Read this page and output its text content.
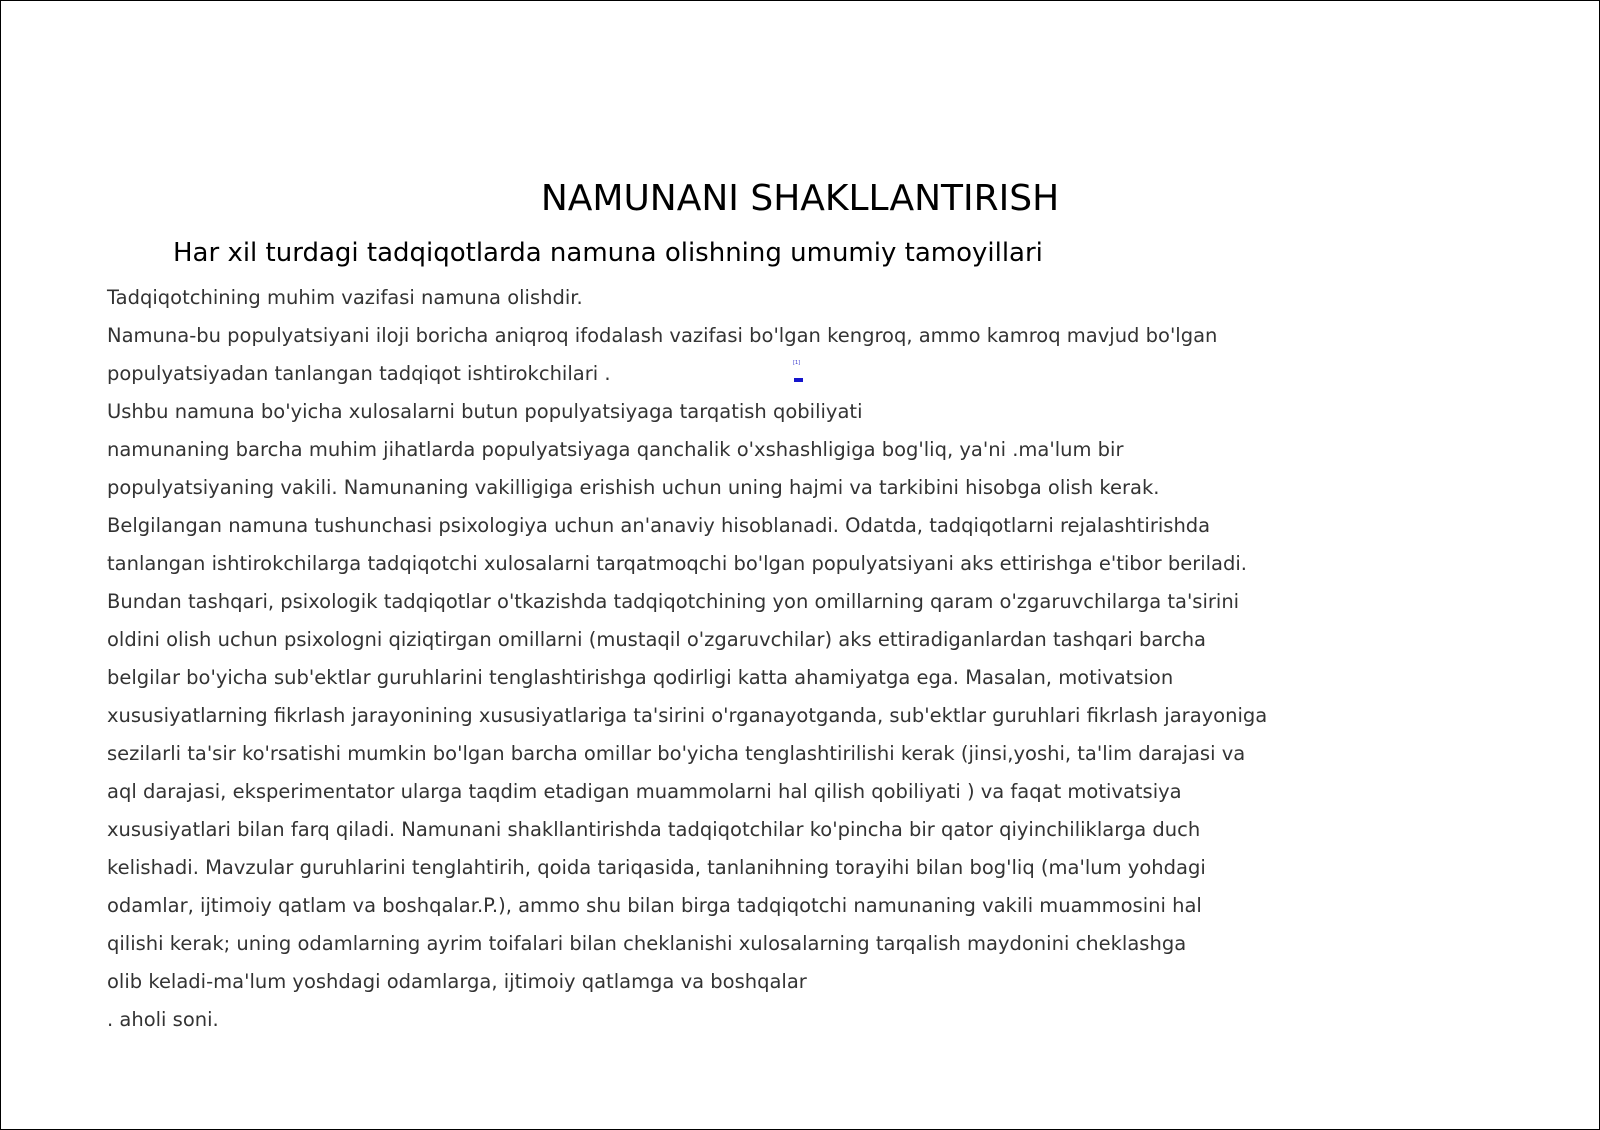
NAMUNANI SHAKLLANTIRISH
Har xil turdagi tadqiqotlarda namuna olishning umumiy tamoyillari
Tadqiqotchining muhim vazifasi namuna olishdir.
Namuna-bu populyatsiyani iloji boricha aniqroq ifodalash vazifasi bo'lgan kengroq, ammo kamroq mavjud bo'lgan
populyatsiyadan tanlangan tadqiqot ishtirokchilari .
Ushbu namuna bo'yicha xulosalarni butun populyatsiyaga tarqatish qobiliyati
namunaning barcha muhim jihatlarda populyatsiyaga qanchalik o'xshashligiga bog'liq, ya'ni .ma'lum bir
populyatsiyaning vakili. Namunaning vakilligiga erishish uchun uning hajmi va tarkibini hisobga olish kerak.
Belgilangan namuna tushunchasi psixologiya uchun an'anaviy hisoblanadi. Odatda, tadqiqotlarni rejalashtirishda
tanlangan ishtirokchilarga tadqiqotchi xulosalarni tarqatmoqchi bo'lgan populyatsiyani aks ettirishga e'tibor beriladi.
Bundan tashqari, psixologik tadqiqotlar o'tkazishda tadqiqotchining yon omillarning qaram o'zgaruvchilarga ta'sirini
oldini olish uchun psixologni qiziqtirgan omillarni (mustaqil o'zgaruvchilar) aks ettiradiganlardan tashqari barcha
belgilar bo'yicha sub'ektlar guruhlarini tenglashtirishga qodirligi katta ahamiyatga ega. Masalan, motivatsion
xususiyatlarning fikrlash jarayonining xususiyatlariga ta'sirini o'rganayotganda, sub'ektlar guruhlari fikrlash jarayoniga
sezilarli ta'sir ko'rsatishi mumkin bo'lgan barcha omillar bo'yicha tenglashtirilishi kerak (jinsi,yoshi, ta'lim darajasi va
aql darajasi, eksperimentator ularga taqdim etadigan muammolarni hal qilish qobiliyati ) va faqat motivatsiya
xususiyatlari bilan farq qiladi. Namunani shakllantirishda tadqiqotchilar ko'pincha bir qator qiyinchiliklarga duch
kelishadi. Mavzular guruhlarini tenglahtirih, qoida tariqasida, tanlanihning torayihi bilan bog'liq (ma'lum yohdagi
odamlar, ijtimoiy qatlam va boshqalar.P.), ammo shu bilan birga tadqiqotchi namunaning vakili muammosini hal
qilishi kerak; uning odamlarning ayrim toifalari bilan cheklanishi xulosalarning tarqalish maydonini cheklashga
olib keladi-ma'lum yoshdagi odamlarga, ijtimoiy qatlamga va boshqalar
. aholi soni.
[1]
